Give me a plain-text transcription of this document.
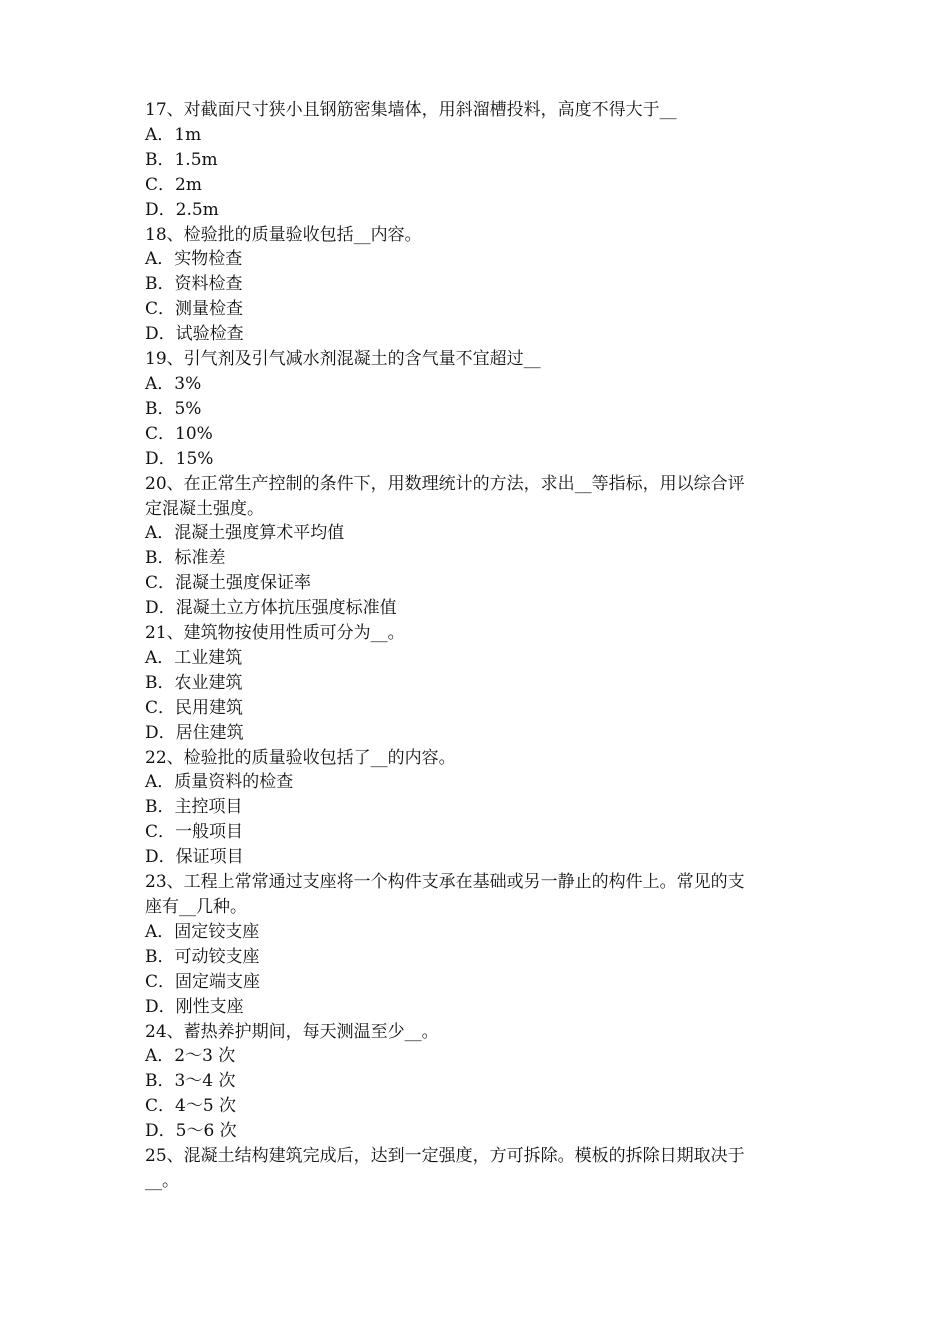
17、对截面尺寸狭小且钢筋密集墙体，用斜溜槽投料，高度不得大于__
A．1m
B．1.5m
C．2m
D．2.5m
18、检验批的质量验收包括__内容。
A．实物检查
B．资料检查
C．测量检查
D．试验检查
19、引气剂及引气减水剂混凝土的含气量不宜超过__
A．3%
B．5%
C．10%
D．15%
20、在正常生产控制的条件下，用数理统计的方法，求出__等指标，用以综合评
定混凝土强度。
A．混凝土强度算术平均值
B．标准差
C．混凝土强度保证率
D．混凝土立方体抗压强度标准值
21、建筑物按使用性质可分为__。
A．工业建筑
B．农业建筑
C．民用建筑
D．居住建筑
22、检验批的质量验收包括了__的内容。
A．质量资料的检查
B．主控项目
C．一般项目
D．保证项目
23、工程上常常通过支座将一个构件支承在基础或另一静止的构件上。常见的支
座有__几种。
A．固定铰支座
B．可动铰支座
C．固定端支座
D．刚性支座
24、蓄热养护期间，每天测温至少__。
A．2～3 次
B．3～4 次
C．4～5 次
D．5～6 次
25、混凝土结构建筑完成后，达到一定强度，方可拆除。模板的拆除日期取决于
__。
